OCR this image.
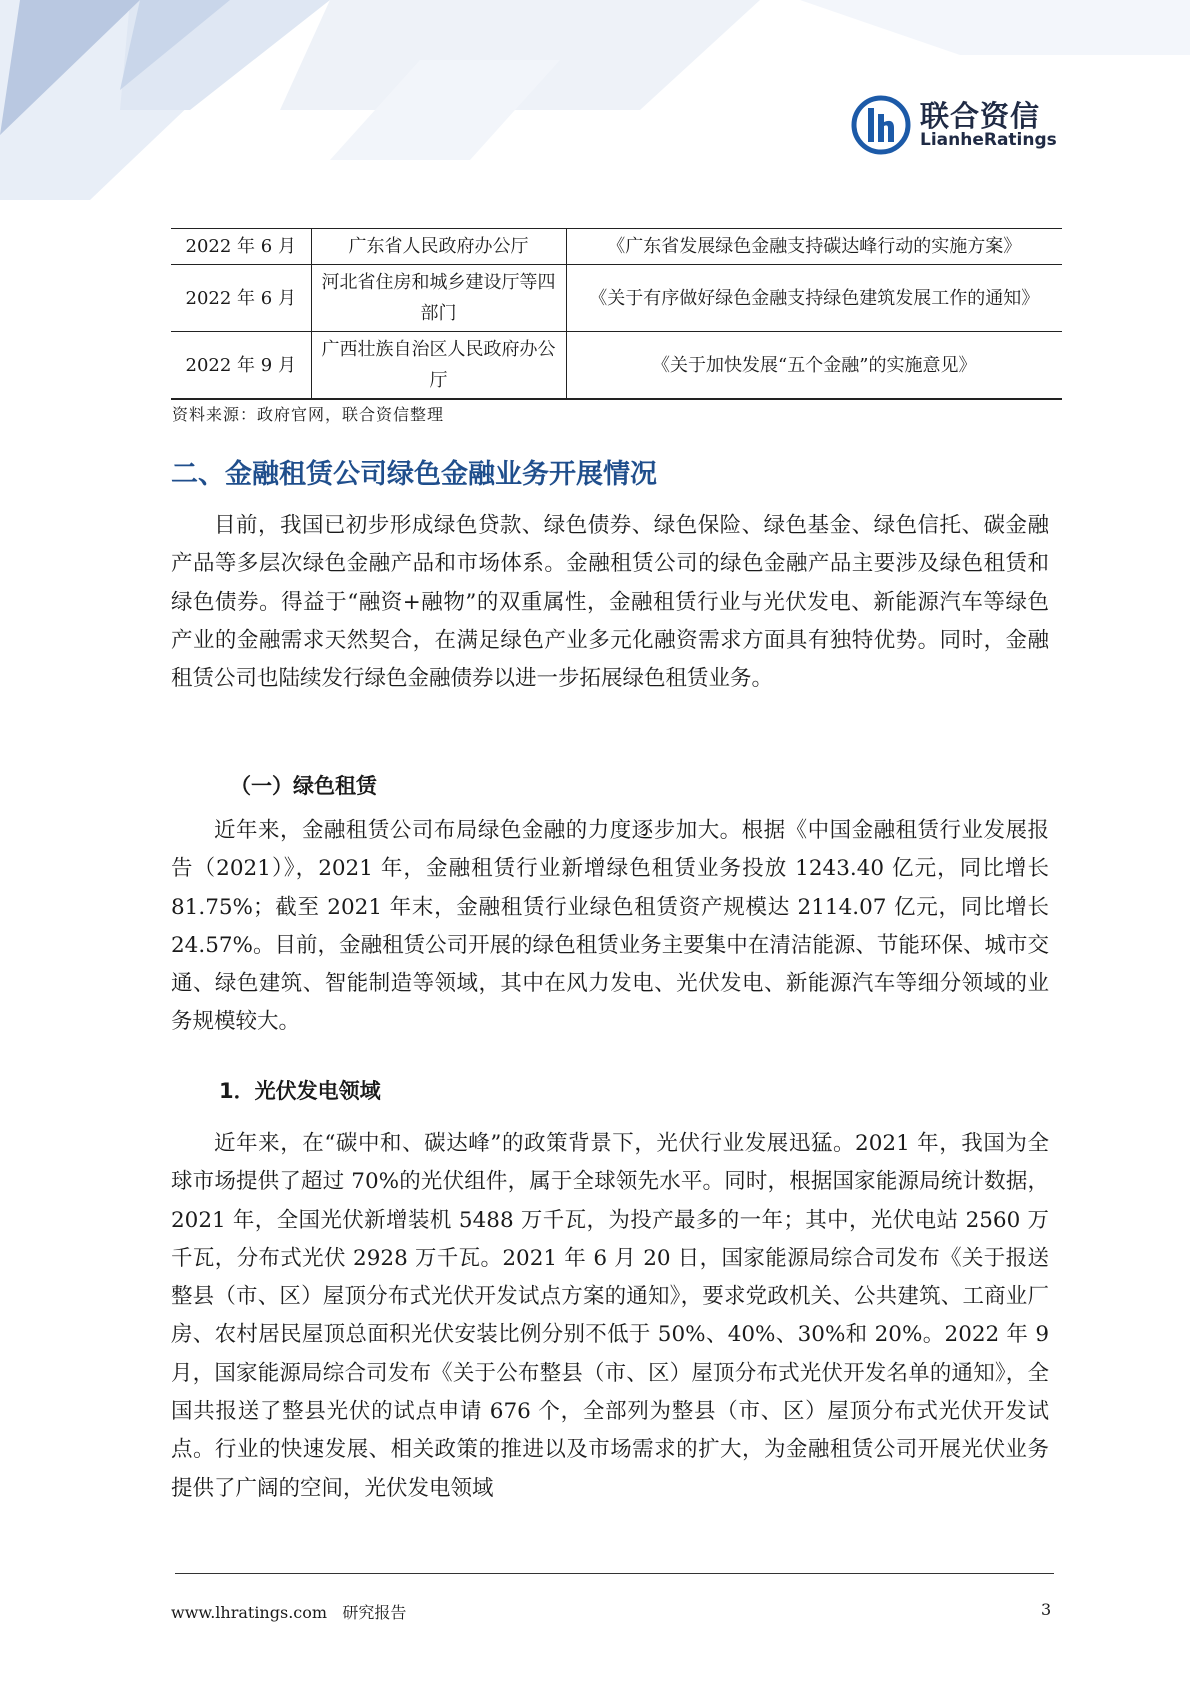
联合资信
LianheRatings
2022 年 6 月	广东省人民政府办公厅	《广东省发展绿色金融支持碳达峰行动的实施方案》
2022 年 6 月	河北省住房和城乡建设厅等四部门	《关于有序做好绿色金融支持绿色建筑发展工作的通知》
2022 年 9 月	广西壮族自治区人民政府办公厅	《关于加快发展“五个金融”的实施意见》
资料来源：政府官网，联合资信整理
二、金融租赁公司绿色金融业务开展情况

目前，我国已初步形成绿色贷款、绿色债券、绿色保险、绿色基金、绿色信托、碳金融产品等多层次绿色金融产品和市场体系。金融租赁公司的绿色金融产品主要涉及绿色租赁和绿色债券。得益于“融资+融物”的双重属性，金融租赁行业与光伏发电、新能源汽车等绿色产业的金融需求天然契合，在满足绿色产业多元化融资需求方面具有独特优势。同时，金融租赁公司也陆续发行绿色金融债券以进一步拓展绿色租赁业务。

（一）绿色租赁

近年来，金融租赁公司布局绿色金融的力度逐步加大。根据《中国金融租赁行业发展报告（2021）》，2021 年，金融租赁行业新增绿色租赁业务投放 1243.40 亿元，同比增长 81.75%；截至 2021 年末，金融租赁行业绿色租赁资产规模达 2114.07 亿元，同比增长 24.57%。目前，金融租赁公司开展的绿色租赁业务主要集中在清洁能源、节能环保、城市交通、绿色建筑、智能制造等领域，其中在风力发电、光伏发电、新能源汽车等细分领域的业务规模较大。

1．光伏发电领域

近年来，在“碳中和、碳达峰”的政策背景下，光伏行业发展迅猛。2021 年，我国为全球市场提供了超过 70%的光伏组件，属于全球领先水平。同时，根据国家能源局统计数据，2021 年，全国光伏新增装机 5488 万千瓦，为投产最多的一年；其中，光伏电站 2560 万千瓦，分布式光伏 2928 万千瓦。2021 年 6 月 20 日，国家能源局综合司发布《关于报送整县（市、区）屋顶分布式光伏开发试点方案的通知》，要求党政机关、公共建筑、工商业厂房、农村居民屋顶总面积光伏安装比例分别不低于 50%、40%、30%和 20%。2022 年 9 月，国家能源局综合司发布《关于公布整县（市、区）屋顶分布式光伏开发名单的通知》，全国共报送了整县光伏的试点申请 676 个，全部列为整县（市、区）屋顶分布式光伏开发试点。行业的快速发展、相关政策的推进以及市场需求的扩大，为金融租赁公司开展光伏业务提供了广阔的空间，光伏发电领域

www.lhratings.com 研究报告	3
